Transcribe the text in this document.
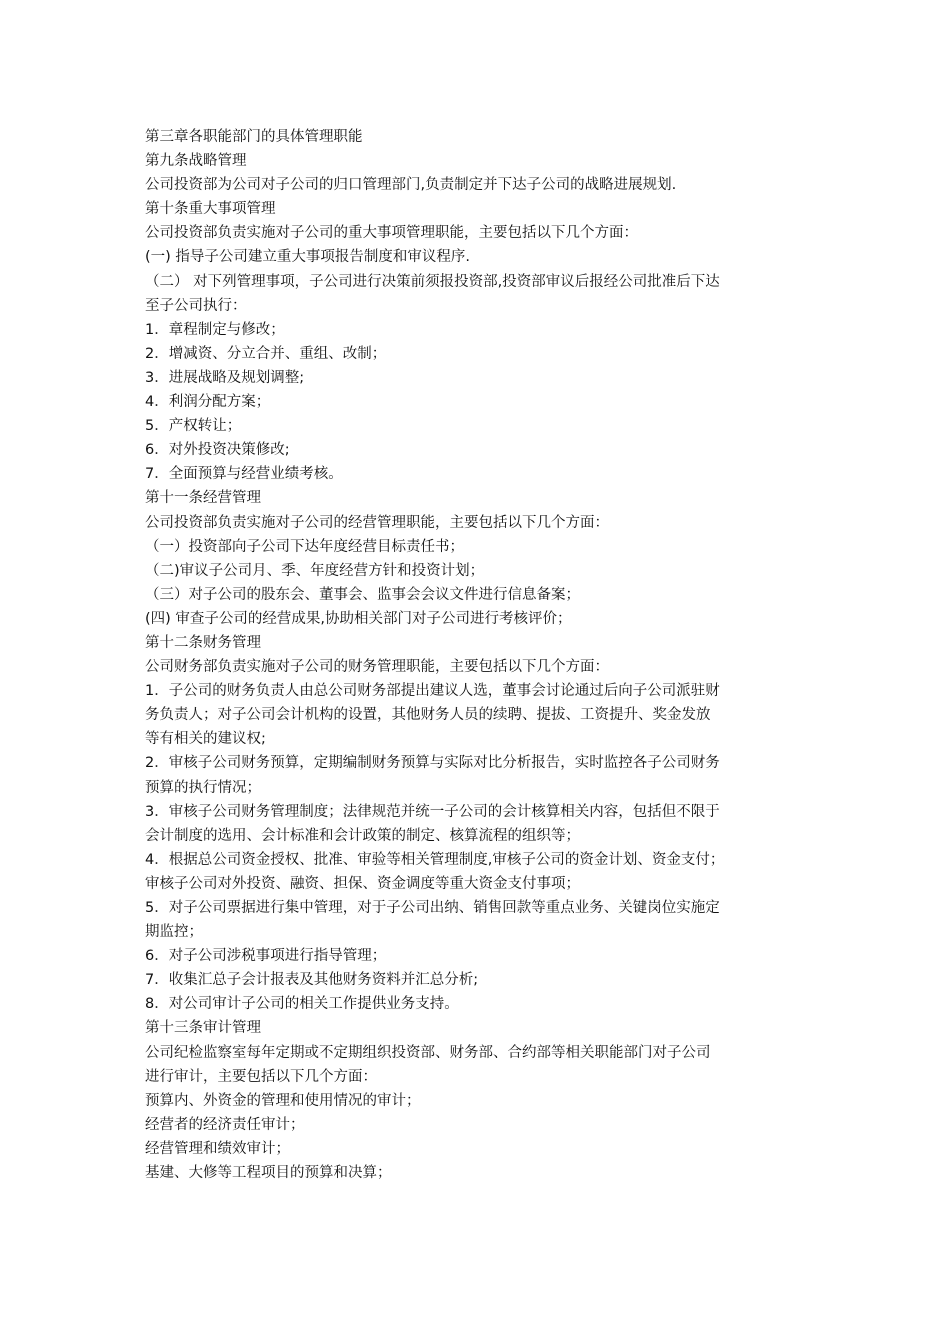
第三章各职能部门的具体管理职能
第九条战略管理
公司投资部为公司对子公司的归口管理部门,负责制定并下达子公司的战略进展规划.
第十条重大事项管理
公司投资部负责实施对子公司的重大事项管理职能，主要包括以下几个方面：
(一) 指导子公司建立重大事项报告制度和审议程序.
（二） 对下列管理事项，子公司进行决策前须报投资部,投资部审议后报经公司批准后下达
至子公司执行：
1．章程制定与修改；
2．增减资、分立合并、重组、改制；
3．进展战略及规划调整;
4．利润分配方案；
5．产权转让；
6．对外投资决策修改;
7．全面预算与经营业绩考核。
第十一条经营管理
公司投资部负责实施对子公司的经营管理职能，主要包括以下几个方面：
（一）投资部向子公司下达年度经营目标责任书；
（二)审议子公司月、季、年度经营方针和投资计划；
（三）对子公司的股东会、董事会、监事会会议文件进行信息备案；
(四) 审查子公司的经营成果,协助相关部门对子公司进行考核评价；
第十二条财务管理
公司财务部负责实施对子公司的财务管理职能，主要包括以下几个方面：
1．子公司的财务负责人由总公司财务部提出建议人选，董事会讨论通过后向子公司派驻财
务负责人；对子公司会计机构的设置，其他财务人员的续聘、提拔、工资提升、奖金发放
等有相关的建议权;
2．审核子公司财务预算，定期编制财务预算与实际对比分析报告，实时监控各子公司财务
预算的执行情况；
3．审核子公司财务管理制度；法律规范并统一子公司的会计核算相关内容，包括但不限于
会计制度的选用、会计标准和会计政策的制定、核算流程的组织等；
4．根据总公司资金授权、批准、审验等相关管理制度,审核子公司的资金计划、资金支付；
审核子公司对外投资、融资、担保、资金调度等重大资金支付事项；
5．对子公司票据进行集中管理，对于子公司出纳、销售回款等重点业务、关键岗位实施定
期监控；
6．对子公司涉税事项进行指导管理；
7．收集汇总子会计报表及其他财务资料并汇总分析;
8．对公司审计子公司的相关工作提供业务支持。
第十三条审计管理
公司纪检监察室每年定期或不定期组织投资部、财务部、合约部等相关职能部门对子公司
进行审计，主要包括以下几个方面：
预算内、外资金的管理和使用情况的审计；
经营者的经济责任审计；
经营管理和绩效审计；
基建、大修等工程项目的预算和决算；
